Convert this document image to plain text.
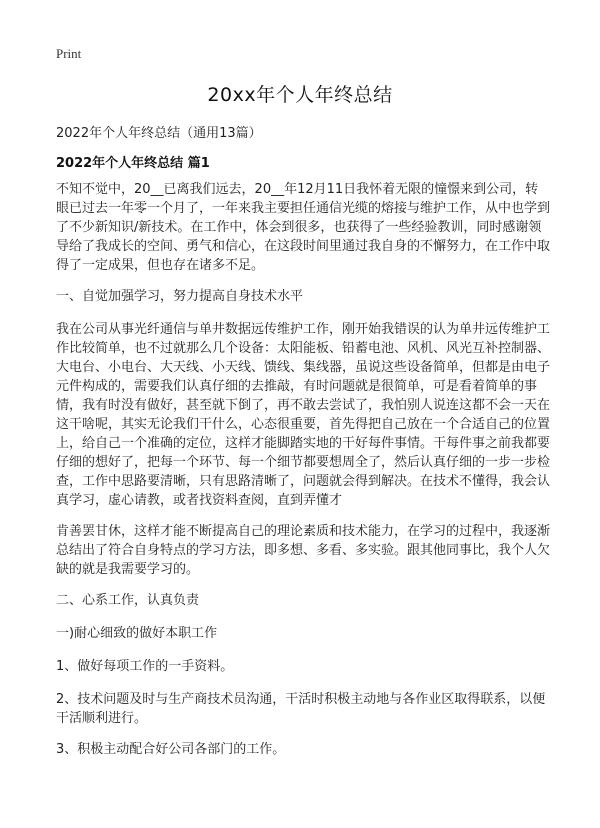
Print
20xx年个人年终总结
2022年个人年终总结（通用13篇）
2022年个人年终总结 篇1

不知不觉中，20__已离我们远去，20__年12月11日我怀着无限的憧憬来到公司，转眼已过去一年零一个月了，一年来我主要担任通信光缆的熔接与维护工作，从中也学到了不少新知识/新技术。在工作中，体会到很多，也获得了一些经验教训，同时感谢领导给了我成长的空间、勇气和信心，在这段时间里通过我自身的不懈努力，在工作中取得了一定成果，但也存在诸多不足。

一、自觉加强学习，努力提高自身技术水平

我在公司从事光纤通信与单井数据远传维护工作，刚开始我错误的认为单井远传维护工作比较简单，也不过就那么几个设备：太阳能板、铅蓄电池、风机、风光互补控制器、大电台、小电台、大天线、小天线、馈线、集线器，虽说这些设备简单，但都是由电子元件构成的，需要我们认真仔细的去推敲，有时问题就是很简单，可是看着简单的事情，我有时没有做好，甚至就下倒了，再不敢去尝试了，我怕别人说连这都不会一天在这干啥呢，其实无论我们干什么，心态很重要，首先得把自己放在一个合适自己的位置上，给自己一个准确的定位，这样才能脚踏实地的干好每件事情。干每件事之前我都要仔细的想好了，把每一个环节、每一个细节都要想周全了，然后认真仔细的一步一步检查，工作中思路要清晰，只有思路清晰了，问题就会得到解决。在技术不懂得，我会认真学习，虚心请教，或者找资料查阅，直到弄懂才

肯善罢甘休，这样才能不断提高自己的理论素质和技术能力，在学习的过程中，我逐渐总结出了符合自身特点的学习方法，即多想、多看、多实验。跟其他同事比，我个人欠缺的就是我需要学习的。

二、心系工作，认真负责

一)耐心细致的做好本职工作

1、做好每项工作的一手资料。

2、技术问题及时与生产商技术员沟通，干活时积极主动地与各作业区取得联系，以便干活顺利进行。

3、积极主动配合好公司各部门的工作。
